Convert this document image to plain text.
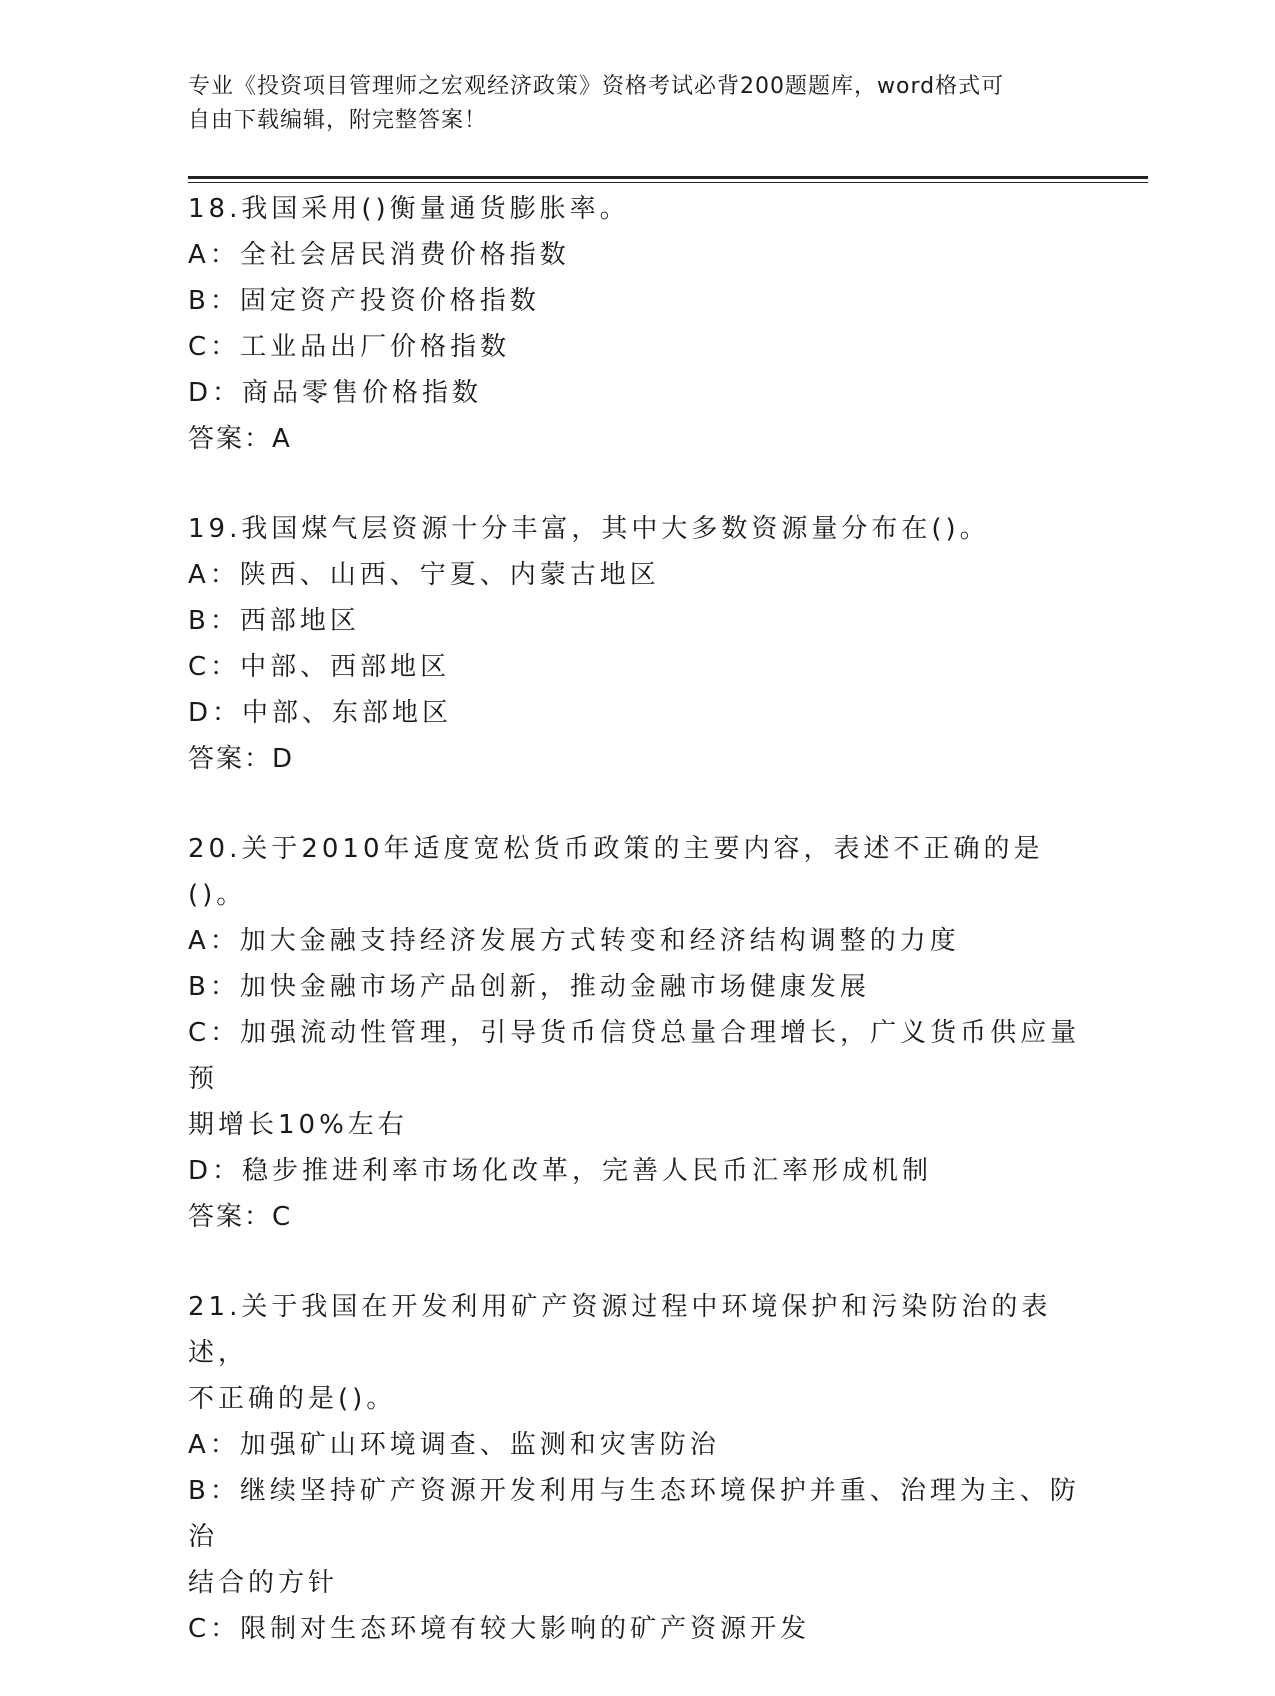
专业《投资项目管理师之宏观经济政策》资格考试必背200题题库，word格式可
自由下载编辑，附完整答案！
18.我国采用()衡量通货膨胀率。
A：全社会居民消费价格指数
B：固定资产投资价格指数
C：工业品出厂价格指数
D：商品零售价格指数
答案：A
19.我国煤气层资源十分丰富，其中大多数资源量分布在()。
A：陕西、山西、宁夏、内蒙古地区
B：西部地区
C：中部、西部地区
D：中部、东部地区
答案：D
20.关于2010年适度宽松货币政策的主要内容，表述不正确的是()。
A：加大金融支持经济发展方式转变和经济结构调整的力度
B：加快金融市场产品创新，推动金融市场健康发展
C：加强流动性管理，引导货币信贷总量合理增长，广义货币供应量预
期增长10%左右
D：稳步推进利率市场化改革，完善人民币汇率形成机制
答案：C
21.关于我国在开发利用矿产资源过程中环境保护和污染防治的表述，
不正确的是()。
A：加强矿山环境调查、监测和灾害防治
B：继续坚持矿产资源开发利用与生态环境保护并重、治理为主、防治
结合的方针
C：限制对生态环境有较大影响的矿产资源开发
